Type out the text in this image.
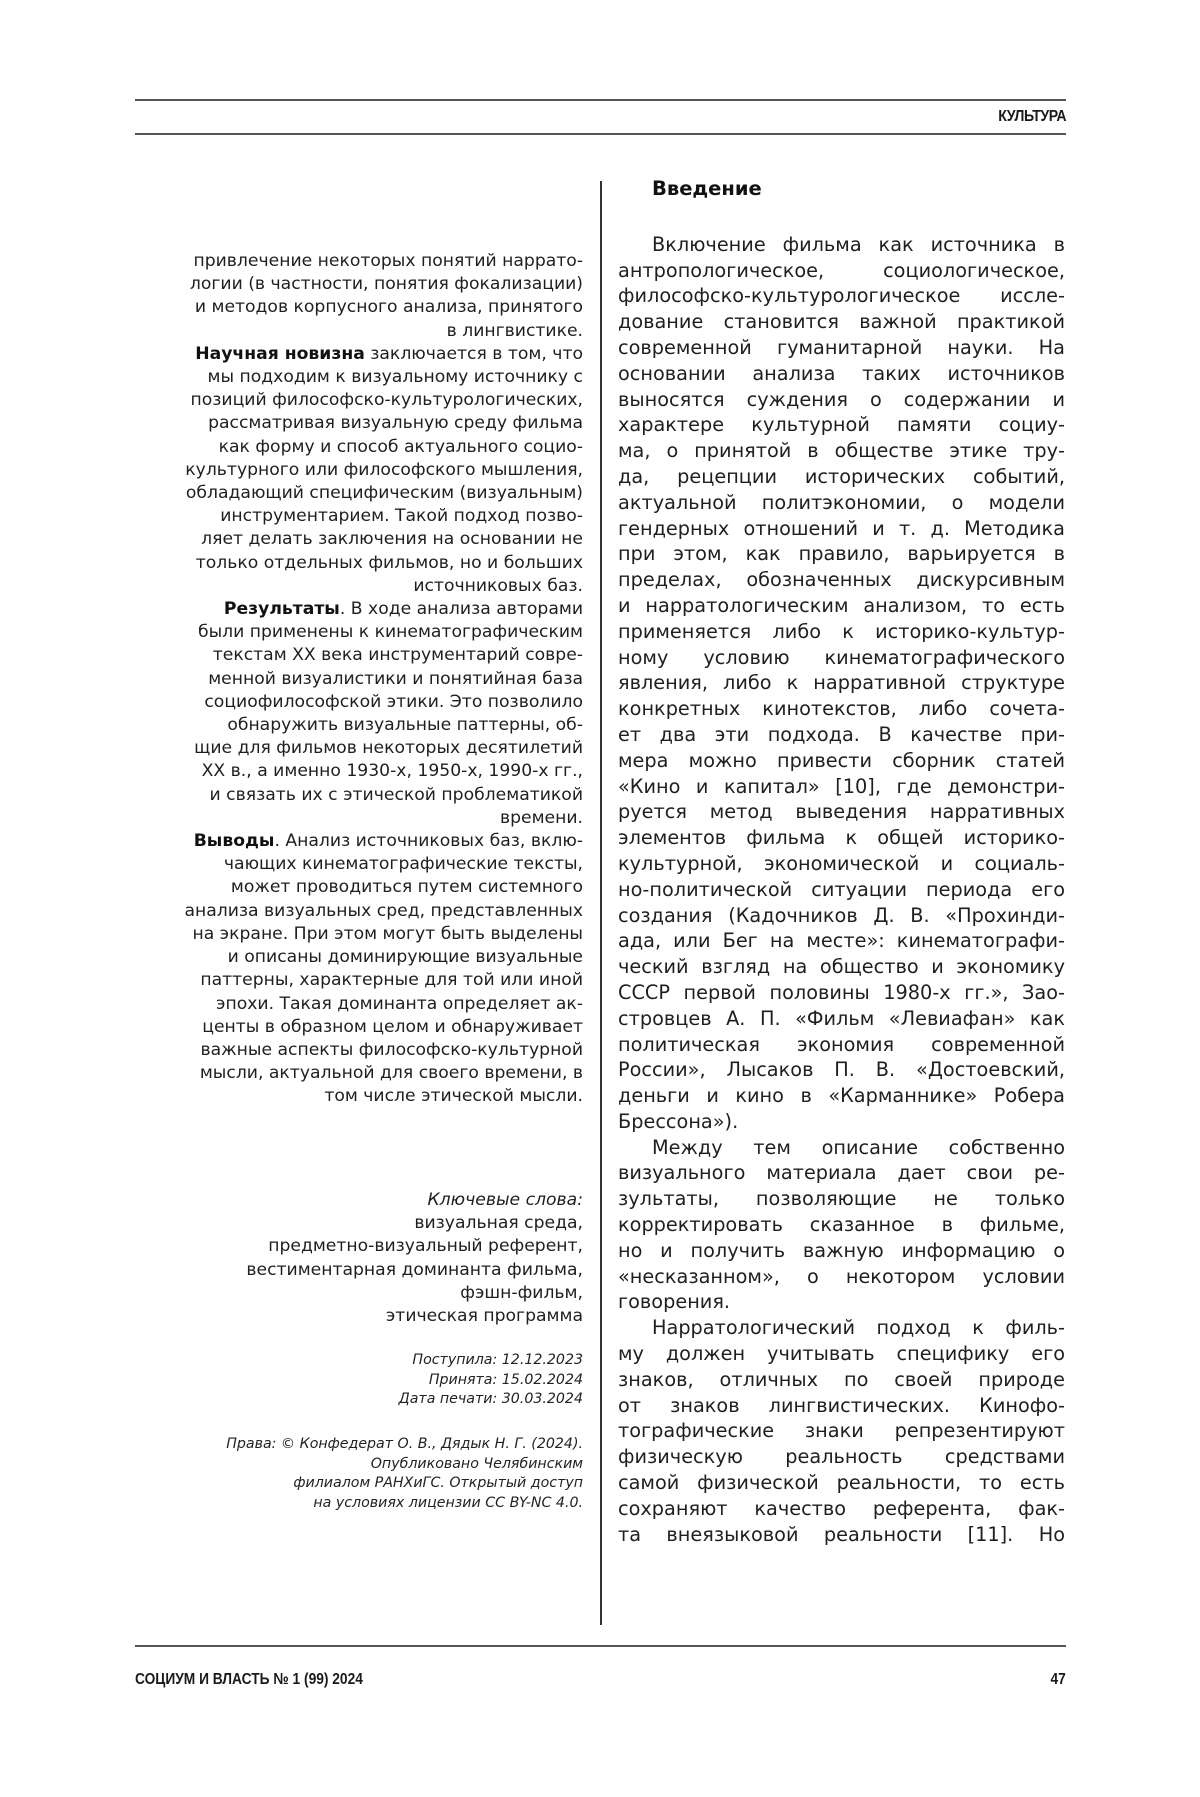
КУЛЬТУРА
привлечение некоторых понятий наррато-
логии (в частности, понятия фокализации)
и методов корпусного анализа, принятого
в лингвистике.
Научная новизна заключается в том, что
мы подходим к визуальному источнику с
позиций философско-культурологических,
рассматривая визуальную среду фильма
как форму и способ актуального социо-
культурного или философского мышления,
обладающий специфическим (визуальным)
инструментарием. Такой подход позво-
ляет делать заключения на основании не
только отдельных фильмов, но и больших
источниковых баз.
Результаты. В ходе анализа авторами
были применены к кинематографическим
текстам XX века инструментарий совре-
менной визуалистики и понятийная база
социофилософской этики. Это позволило
обнаружить визуальные паттерны, об-
щие для фильмов некоторых десятилетий
XX в., а именно 1930-х, 1950-х, 1990-х гг.,
и связать их с этической проблематикой
времени.
Выводы. Анализ источниковых баз, вклю-
чающих кинематографические тексты,
может проводиться путем системного
анализа визуальных сред, представленных
на экране. При этом могут быть выделены
и описаны доминирующие визуальные
паттерны, характерные для той или иной
эпохи. Такая доминанта определяет ак-
центы в образном целом и обнаруживает
важные аспекты философско-культурной
мысли, актуальной для своего времени, в
том числе этической мысли.
Ключевые слова:
визуальная среда,
предметно-визуальный референт,
вестиментарная доминанта фильма,
фэшн-фильм,
этическая программа
Поступила: 12.12.2023
Принята: 15.02.2024
Дата печати: 30.03.2024
Права: © Конфедерат О. В., Дядык Н. Г. (2024).
Опубликовано Челябинским
филиалом РАНХиГС. Открытый доступ
на условиях лицензии CC BY-NC 4.0.
Введение
Включение фильма как источника в
антропологическое, социологическое,
философско-культурологическое иссле-
дование становится важной практикой
современной гуманитарной науки. На
основании анализа таких источников
выносятся суждения о содержании и
характере культурной памяти социу-
ма, о принятой в обществе этике тру-
да, рецепции исторических событий,
актуальной политэкономии, о модели
гендерных отношений и т. д. Методика
при этом, как правило, варьируется в
пределах, обозначенных дискурсивным
и нарратологическим анализом, то есть
применяется либо к историко-культур-
ному условию кинематографического
явления, либо к нарративной структуре
конкретных кинотекстов, либо сочета-
ет два эти подхода. В качестве при-
мера можно привести сборник статей
«Кино и капитал» [10], где демонстри-
руется метод выведения нарративных
элементов фильма к общей историко-
культурной, экономической и социаль-
но-политической ситуации периода его
создания (Кадочников Д. В. «Прохинди-
ада, или Бег на месте»: кинематографи-
ческий взгляд на общество и экономику
СССР первой половины 1980-х гг.», Зао-
стровцев А. П. «Фильм «Левиафан» как
политическая экономия современной
России», Лысаков П. В. «Достоевский,
деньги и кино в «Карманнике» Робера
Брессона»).
Между тем описание собственно
визуального материала дает свои ре-
зультаты, позволяющие не только
корректировать сказанное в фильме,
но и получить важную информацию о
«несказанном», о некотором условии
говорения.
Нарратологический подход к филь-
му должен учитывать специфику его
знаков, отличных по своей природе
от знаков лингвистических. Кинофо-
тографические знаки репрезентируют
физическую реальность средствами
самой физической реальности, то есть
сохраняют качество референта, фак-
та внеязыковой реальности [11]. Но
СОЦИУМ И ВЛАСТЬ № 1 (99) 2024	47
